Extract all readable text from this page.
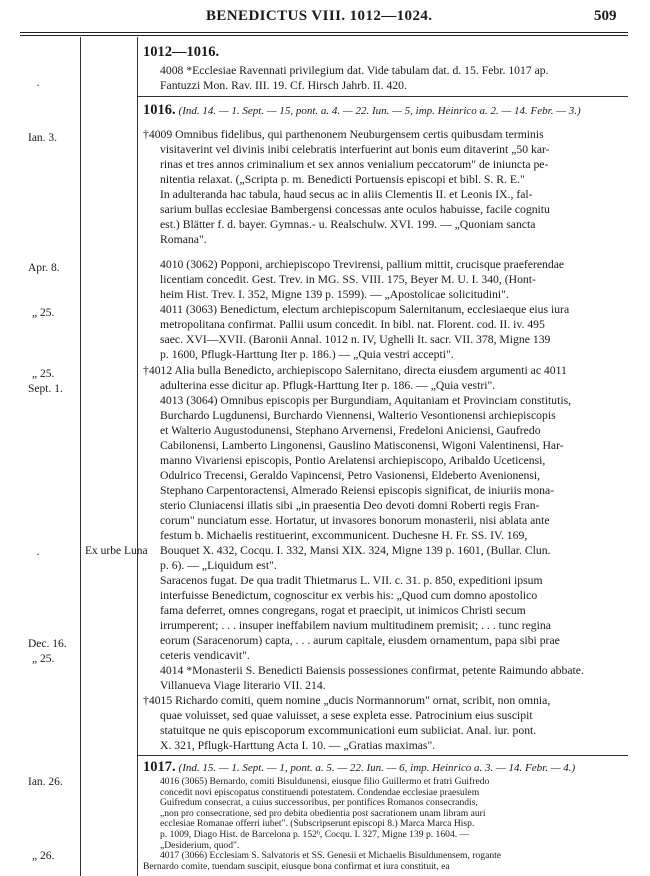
BENEDICTUS VIII. 1012—1024.	509
·
Ian. 3.
Apr. 8.
„ 25.
„ 25.
Sept. 1.
Dec. 16.
„ 25.
·
Ian. 26.
„ 26.
Ex urbe Luna
1012—1016.
4008 *Ecclesiae Ravennati privilegium dat. Vide tabulam dat. d. 15. Febr. 1017 ap.
Fantuzzi Mon. Rav. III. 19. Cf. Hirsch Jahrb. II. 420.
1016. (Ind. 14. — 1. Sept. — 15, pont. a. 4. — 22. Iun. — 5, imp. Heinrico a. 2. — 14. Febr. — 3.)
†4009 Omnibus fidelibus, qui parthenonem Neuburgensem certis quibusdam terminis
visitaverint vel divinis inibi celebratis interfuerint aut bonis eum ditaverint „50 kar-
rinas et tres annos criminalium et sex annos venialium peccatorum" de iniuncta pe-
nitentia relaxat. („Scripta p. m. Benedicti Portuensis episcopi et bibl. S. R. E."
In adulteranda hac tabula, haud secus ac in aliis Clementis II. et Leonis IX., fal-
sarium bullas ecclesiae Bambergensi concessas ante oculos habuisse, facile cognitu
est.) Blätter f. d. bayer. Gymnas.- u. Realschulw. XVI. 199. — „Quoniam sancta
Romana".
4010 (3062) Popponi, archiepiscopo Trevirensi, pallium mittit, crucisque praeferendae
licentiam concedit. Gest. Trev. in MG. SS. VIII. 175, Beyer M. U. I. 340, (Hont-
heim Hist. Trev. I. 352, Migne 139 p. 1599). — „Apostolicae solicitudini".
4011 (3063) Benedictum, electum archiepiscopum Salernitanum, ecclesiaeque eius iura
metropolitana confirmat. Pallii usum concedit. In bibl. nat. Florent. cod. II. iv. 495
saec. XVI—XVII. (Baronii Annal. 1012 n. IV, Ughelli It. sacr. VII. 378, Migne 139
p. 1600, Pflugk-Harttung Iter p. 186.) — „Quia vestri accepti".
†4012 Alia bulla Benedicto, archiepiscopo Salernitano, directa eiusdem argumenti ac 4011
adulterina esse dicitur ap. Pflugk-Harttung Iter p. 186. — „Quia vestri".
4013 (3064) Omnibus episcopis per Burgundiam, Aquitaniam et Provinciam constitutis,
Burchardo Lugdunensi, Burchardo Viennensi, Walterio Vesontionensi archiepiscopis
et Walterio Augustodunensi, Stephano Arvernensi, Fredeloni Aniciensi, Gaufredo
Cabilonensi, Lamberto Lingonensi, Gauslino Matisconensi, Wigoni Valentinensi, Har-
manno Vivariensi episcopis, Pontio Arelatensi archiepiscopo, Aribaldo Uceticensi,
Odulrico Trecensi, Geraldo Vapincensi, Petro Vasionensi, Eldeberto Avenionensi,
Stephano Carpentoractensi, Almerado Reiensi episcopis significat, de iniuriis mona-
sterio Cluniacensi illatis sibi „in praesentia Deo devoti domni Roberti regis Fran-
corum" nunciatum esse. Hortatur, ut invasores bonorum monasterii, nisi ablata ante
festum b. Michaelis restituerint, excommunicent. Duchesne H. Fr. SS. IV. 169,
Bouquet X. 432, Cocqu. I. 332, Mansi XIX. 324, Migne 139 p. 1601, (Bullar. Clun.
p. 6). — „Liquidum est".
Saracenos fugat. De qua tradit Thietmarus L. VII. c. 31. p. 850, expeditioni ipsum
interfuisse Benedictum, cognoscitur ex verbis his: „Quod cum domno apostolico
fama deferret, omnes congregans, rogat et praecipit, ut inimicos Christi secum
irrumperent; . . . insuper ineffabilem navium multitudinem premisit; . . . tunc regina
eorum (Saracenorum) capta, . . . aurum capitale, eiusdem ornamentum, papa sibi prae
ceteris vendicavit".
4014 *Monasterii S. Benedicti Baiensis possessiones confirmat, petente Raimundo abbate.
Villanueva Viage literario VII. 214.
†4015 Richardo comiti, quem nomine „ducis Normannorum" ornat, scribit, non omnia,
quae voluisset, sed quae valuisset, a sese expleta esse. Patrocinium eius suscipit
statuitque ne quis episcoporum excommunicationi eum subiiciat. Anal. iur. pont.
X. 321, Pflugk-Harttung Acta I. 10. — „Gratias maximas".
1017. (Ind. 15. — 1. Sept. — 1, pont. a. 5. — 22. Iun. — 6, imp. Heinrico a. 3. — 14. Febr. — 4.)
4016 (3065) Bernardo, comiti Bisuldunensi, eiusque filio Guillermo et fratri Guifredo
concedit novi episcopatus constituendi potestatem. Condendae ecclesiae praesulem
Guifredum consecrat, a cuius successoribus, per pontifices Romanos consecrandis,
„non pro consecratione, sed pro debita obedientia post sacrationem unam libram auri
ecclesiae Romanae offerri iubet". (Subscripserunt episcopi 8.) Marca Marca Hisp.
p. 1009, Diago Hist. de Barcelona p. 152ᵇ, Cocqu. I. 327, Migne 139 p. 1604. —
„Desiderium, quod".
4017 (3066) Ecclesiam S. Salvatoris et SS. Genesii et Michaelis Bisuldunensem, rogante
Bernardo comite, tuendam suscipit, eiusque bona confirmat et iura constituit, ea
